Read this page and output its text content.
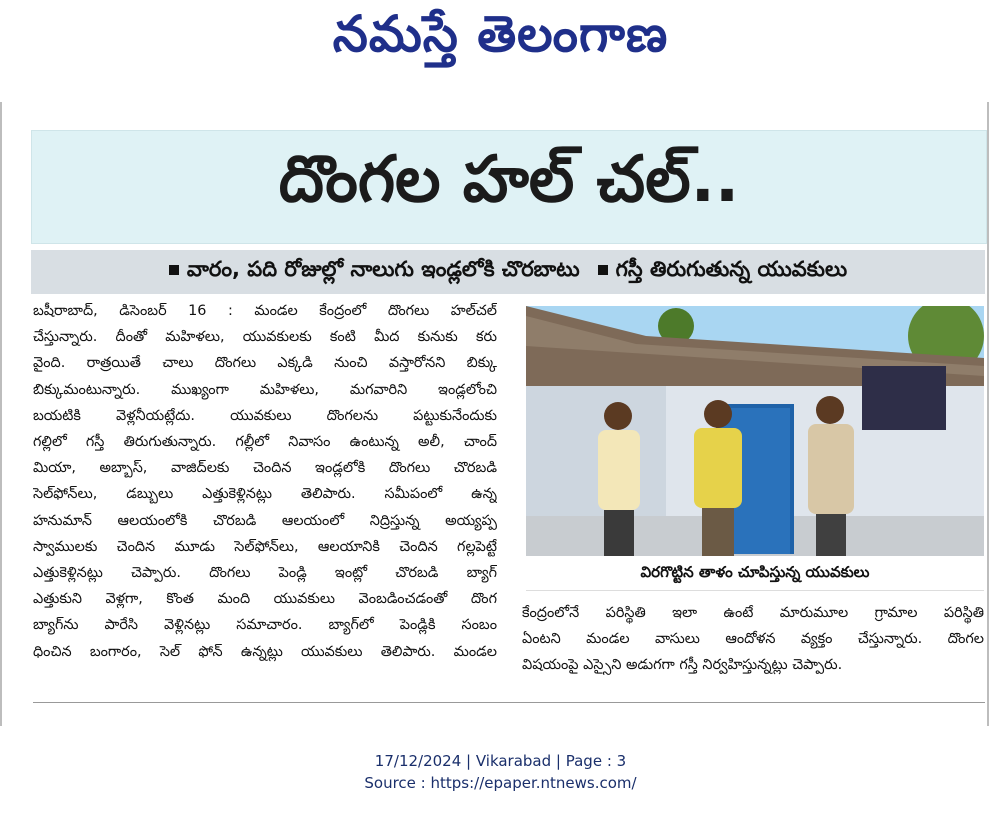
నమస్తే తెలంగాణ
దొంగల హల్ చల్..
వారం, పది రోజుల్లో నాలుగు ఇండ్లలోకి చొరబాటు	గస్తీ తిరుగుతున్న యువకులు

బషీరాబాద్, డిసెంబర్ 16 : మండల కేంద్రంలో దొంగలు హల్‌చల్

చేస్తున్నారు. దీంతో మహిళలు, యువకులకు కంటి మీద కునుకు కరు

వైంది. రాత్రయితే చాలు దొంగలు ఎక్కడి నుంచి వస్తారోనని బిక్కు

బిక్కుమంటున్నారు. ముఖ్యంగా మహిళలు, మగవారిని ఇండ్లలోంచి

బయటికి వెళ్లనీయట్లేదు. యువకులు దొంగలను పట్టుకునేందుకు

గల్లిలో గస్తీ తిరుగుతున్నారు. గల్లీలో నివాసం ఉంటున్న అలీ, చాంద్

మియా, అబ్బాస్, వాజిద్‌లకు చెందిన ఇండ్లలోకి దొంగలు చొరబడి

సెల్‌ఫోన్‌లు, డబ్బులు ఎత్తుకెళ్లినట్లు తెలిపారు. సమీపంలో ఉన్న

హనుమాన్ ఆలయంలోకి చొరబడి ఆలయంలో నిద్రిస్తున్న అయ్యప్ప

స్వాములకు చెందిన మూడు సెల్‌ఫోన్‌లు, ఆలయానికి చెందిన గల్లపెట్టే

ఎత్తుకెళ్లినట్లు చెప్పారు. దొంగలు పెండ్లి ఇంట్లో చొరబడి బ్యాగ్

ఎత్తుకుని వెళ్లగా, కొంత మంది యువకులు వెంబడించడంతో దొంగ

బ్యాగ్‌ను పారేసి వెళ్లినట్లు సమాచారం. బ్యాగ్‌లో పెండ్లికి సంబం

ధించిన బంగారం, సెల్ ఫోన్ ఉన్నట్లు యువకులు తెలిపారు. మండల

విరగొట్టిన తాళం చూపిస్తున్న యువకులు

కేంద్రంలోనే పరిస్థితి ఇలా ఉంటే మారుమూల గ్రామాల పరిస్థితి

ఏంటని మండల వాసులు ఆందోళన వ్యక్తం చేస్తున్నారు. దొంగల

విషయంపై ఎస్సైని అడుగగా గస్తీ నిర్వహిస్తున్నట్లు చెప్పారు.

17/12/2024 | Vikarabad | Page : 3
Source : https://epaper.ntnews.com/
